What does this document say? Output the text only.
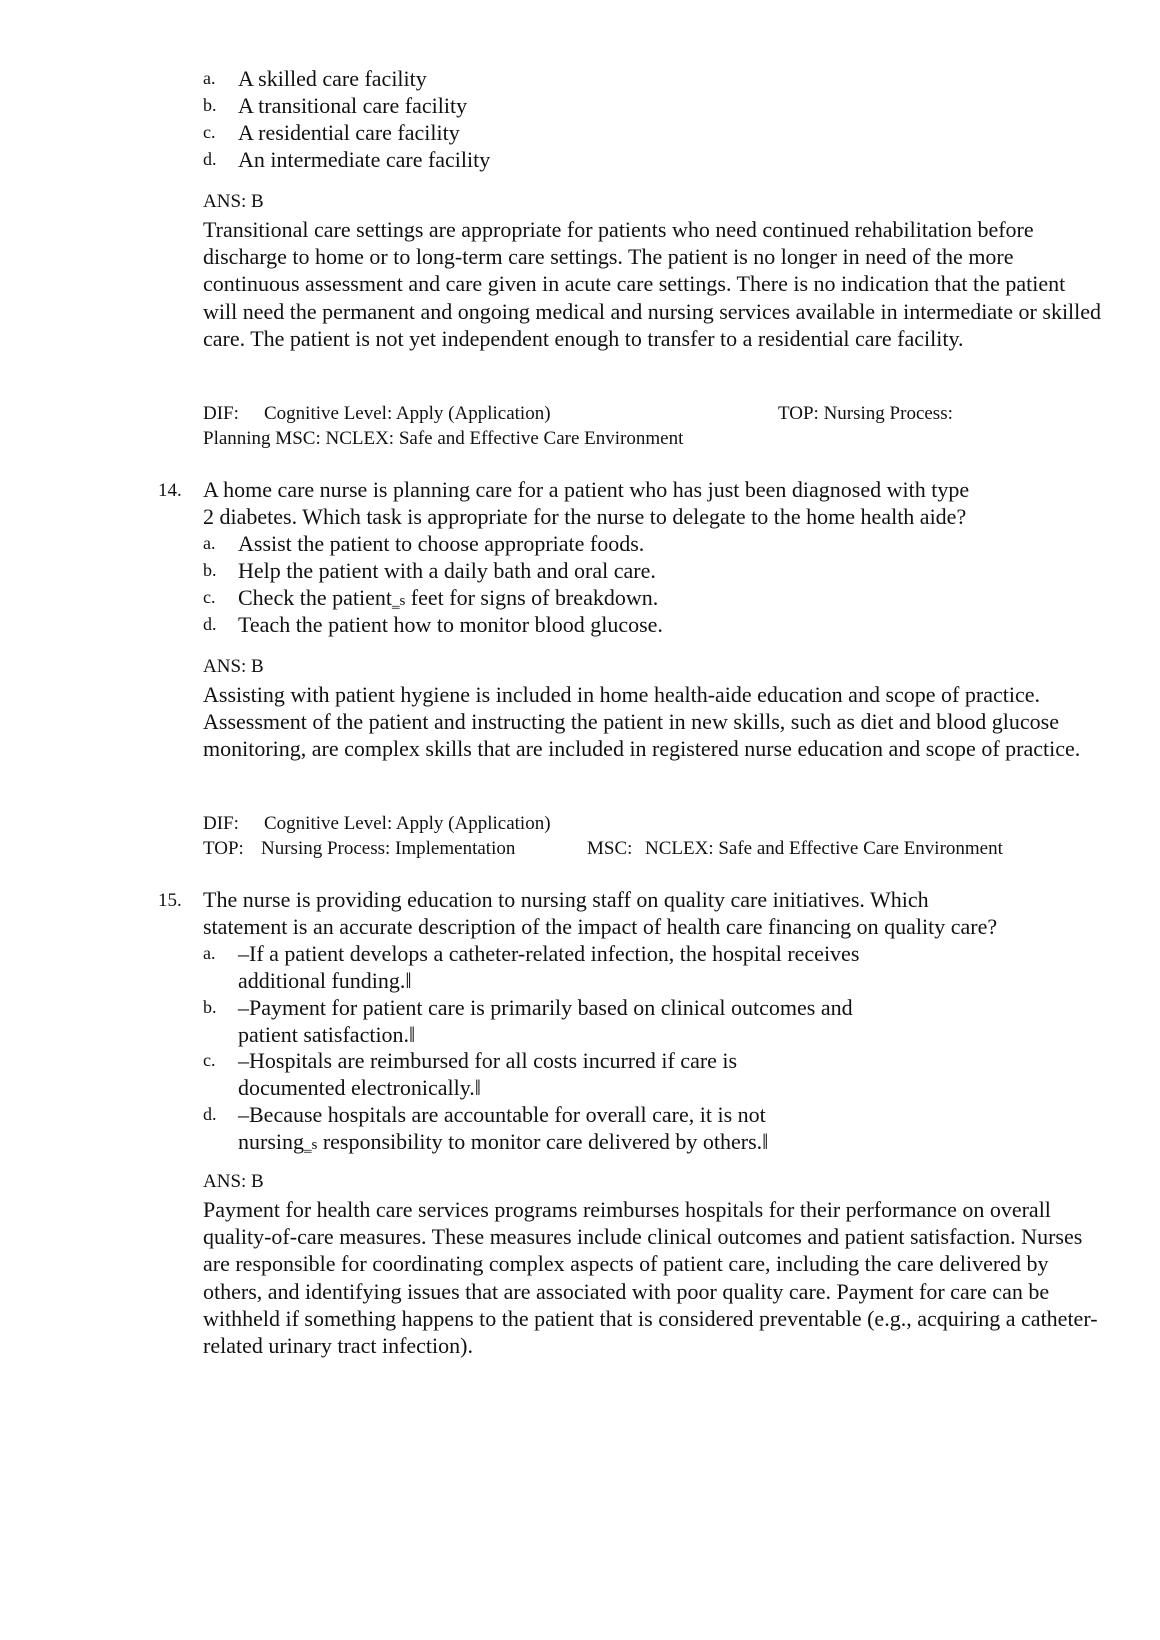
a. A skilled care facility
b. A transitional care facility
c. A residential care facility
d. An intermediate care facility
ANS: B
Transitional care settings are appropriate for patients who need continued rehabilitation before discharge to home or to long-term care settings. The patient is no longer in need of the more continuous assessment and care given in acute care settings. There is no indication that the patient will need the permanent and ongoing medical and nursing services available in intermediate or skilled care. The patient is not yet independent enough to transfer to a residential care facility.
DIF: Cognitive Level: Apply (Application)	TOP: Nursing Process:
Planning MSC: NCLEX: Safe and Effective Care Environment
14. A home care nurse is planning care for a patient who has just been diagnosed with type
2 diabetes. Which task is appropriate for the nurse to delegate to the home health aide?
a. Assist the patient to choose appropriate foods.
b. Help the patient with a daily bath and oral care.
c. Check the patient‗s feet for signs of breakdown.
d. Teach the patient how to monitor blood glucose.
ANS: B
Assisting with patient hygiene is included in home health-aide education and scope of practice. Assessment of the patient and instructing the patient in new skills, such as diet and blood glucose monitoring, are complex skills that are included in registered nurse education and scope of practice.
DIF: Cognitive Level: Apply (Application)
TOP: Nursing Process: Implementation	MSC: NCLEX: Safe and Effective Care Environment
15. The nurse is providing education to nursing staff on quality care initiatives. Which
statement is an accurate description of the impact of health care financing on quality care?
a. –If a patient develops a catheter-related infection, the hospital receives
additional funding.‖
b. –Payment for patient care is primarily based on clinical outcomes and
patient satisfaction.‖
c. –Hospitals are reimbursed for all costs incurred if care is
documented electronically.‖
d. –Because hospitals are accountable for overall care, it is not
nursing‗s responsibility to monitor care delivered by others.‖
ANS: B
Payment for health care services programs reimburses hospitals for their performance on overall quality-of-care measures. These measures include clinical outcomes and patient satisfaction. Nurses are responsible for coordinating complex aspects of patient care, including the care delivered by others, and identifying issues that are associated with poor quality care. Payment for care can be withheld if something happens to the patient that is considered preventable (e.g., acquiring a catheter-related urinary tract infection).
